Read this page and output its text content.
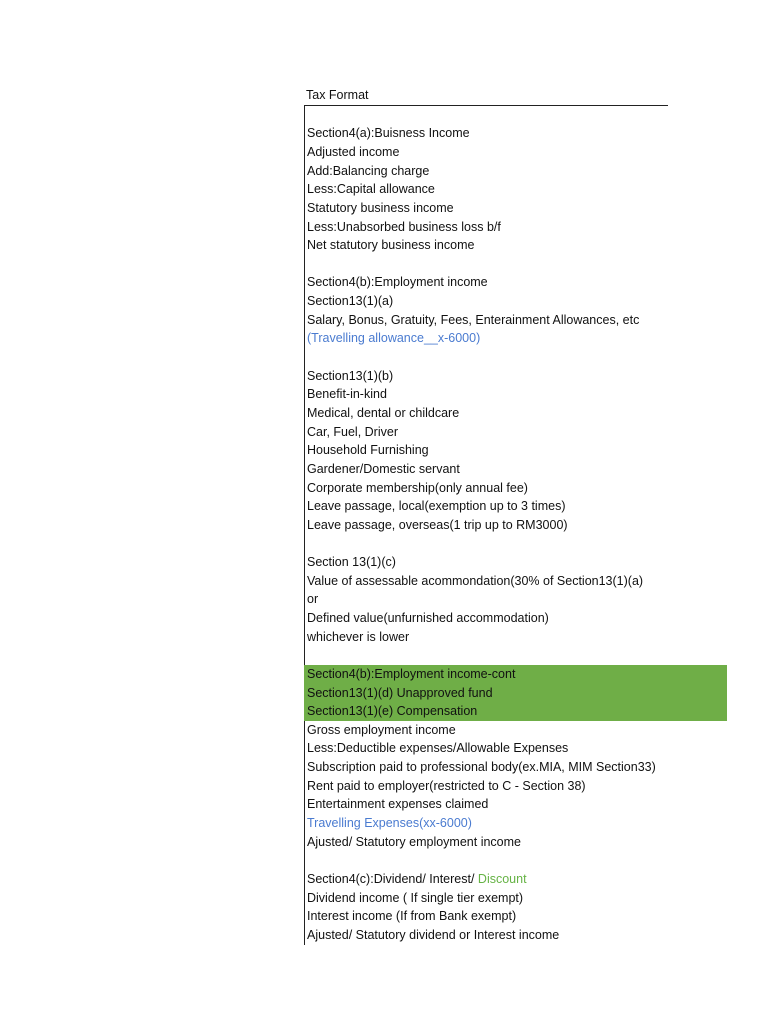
Tax Format
Section4(a):Buisness Income
Adjusted income
Add:Balancing charge
Less:Capital allowance
Statutory business income
Less:Unabsorbed business loss b/f
Net statutory business income
Section4(b):Employment income
Section13(1)(a)
Salary, Bonus, Gratuity, Fees, Enterainment Allowances, etc
(Travelling allowance__x-6000)
Section13(1)(b)
Benefit-in-kind
Medical, dental or childcare
Car, Fuel, Driver
Household Furnishing
Gardener/Domestic servant
Corporate membership(only annual fee)
Leave passage, local(exemption up to 3 times)
Leave passage, overseas(1 trip up to RM3000)
Section 13(1)(c)
Value of assessable acommondation(30% of Section13(1)(a)
or
Defined value(unfurnished accommodation)
whichever is lower
Section4(b):Employment income-cont
Section13(1)(d) Unapproved fund
Section13(1)(e) Compensation
Gross employment income
Less:Deductible expenses/Allowable Expenses
Subscription paid to professional body(ex.MIA, MIM Section33)
Rent paid to employer(restricted to C - Section 38)
Entertainment expenses claimed
Travelling Expenses(xx-6000)
Ajusted/ Statutory employment income
Section4(c):Dividend/ Interest/ Discount
Dividend income ( If single tier exempt)
Interest income (If from Bank exempt)
Ajusted/ Statutory dividend or Interest income
